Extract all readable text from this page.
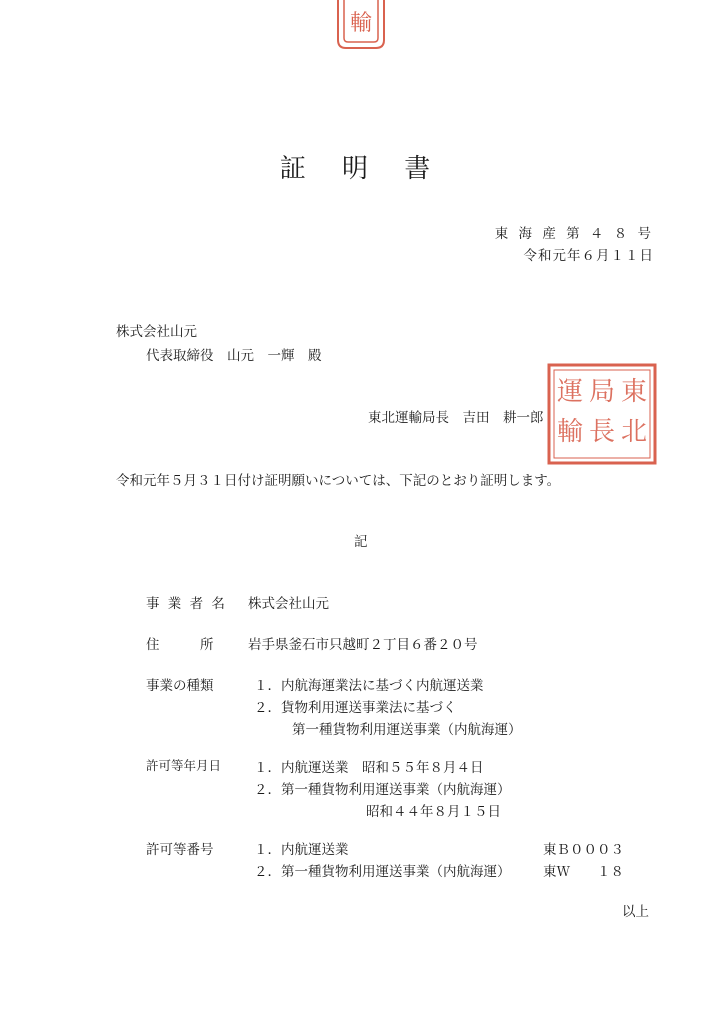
輸
証 明 書
東 海 産 第 ４ ８ 号
令和元年６月１１日
株式会社山元
代表取締役　山元　一輝　殿
東
北
局
長
運
輸
東北運輸局長　吉田　耕一郎
令和元年５月３１日付け証明願いについては、下記のとおり証明します。
記
事 業 者 名 株式会社山元
住　　　所	岩手県釜石市只越町２丁目６番２０号
事業の種類	１．内航海運業法に基づく内航運送業
２．貨物利用運送事業法に基づく
第一種貨物利用運送事業（内航海運）
許可等年月日 １．内航運送業　昭和５５年８月４日
２．第一種貨物利用運送事業（内航海運）
昭和４４年８月１５日
許可等番号	１．内航運送業	東Ｂ０００３
２．第一種貨物利用運送事業（内航海運） 東Ｗ　　１８
以上
